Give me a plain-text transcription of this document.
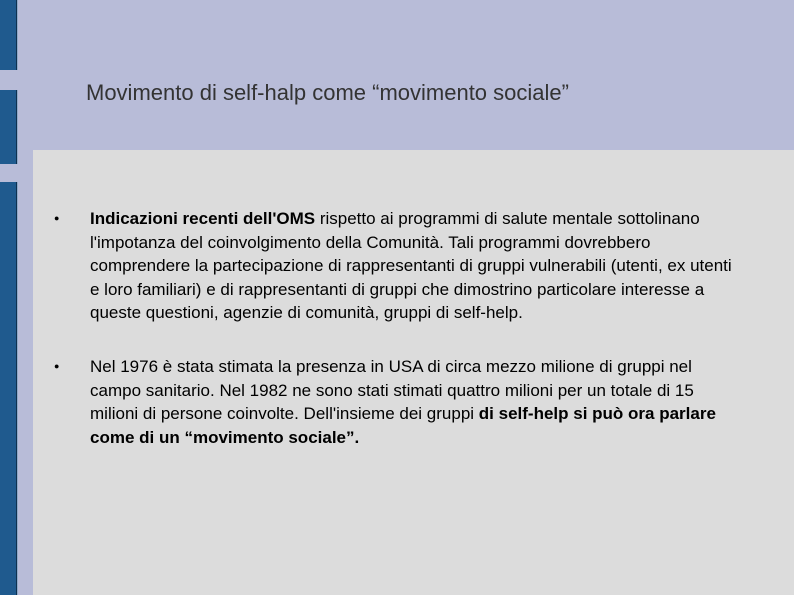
Movimento di self-halp come “movimento sociale”
● Indicazioni recenti dell'OMS rispetto ai programmi di salute mentale sottolinano l'impotanza del coinvolgimento della Comunità. Tali programmi dovrebbero comprendere la partecipazione di rappresentanti di gruppi vulnerabili (utenti, ex utenti e loro familiari) e di rappresentanti di gruppi che dimostrino particolare interesse a queste questioni, agenzie di comunità, gruppi di self-help.
● Nel 1976 è stata stimata la presenza in USA di circa mezzo milione di gruppi nel campo sanitario. Nel 1982 ne sono stati stimati quattro milioni per un totale di 15 milioni di persone coinvolte. Dell'insieme dei gruppi di self-help si può ora parlare come di un “movimento sociale”.
